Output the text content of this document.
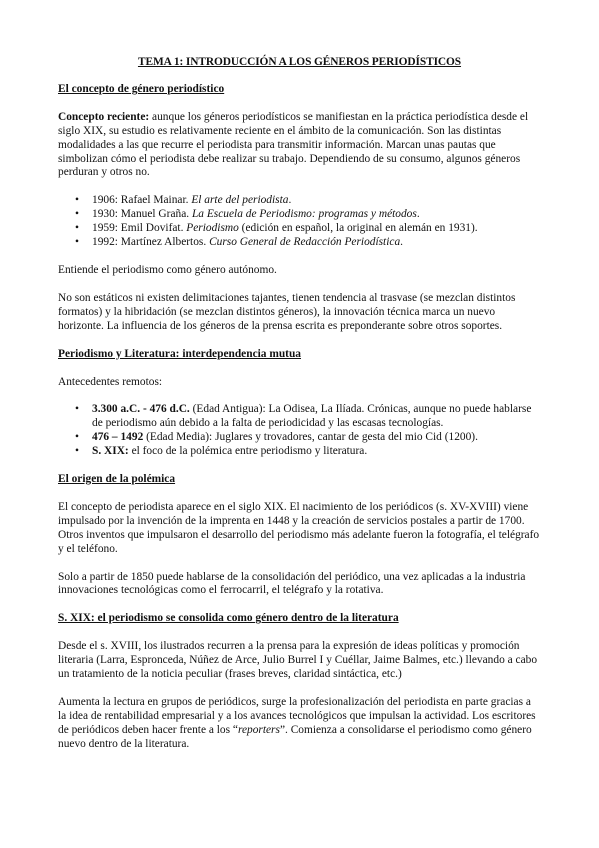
TEMA 1: INTRODUCCIÓN A LOS GÉNEROS PERIODÍSTICOS
El concepto de género periodístico

Concepto reciente: aunque los géneros periodísticos se manifiestan en la práctica periodística desde el siglo XIX, su estudio es relativamente reciente en el ámbito de la comunicación. Son las distintas modalidades a las que recurre el periodista para transmitir información. Marcan unas pautas que simbolizan cómo el periodista debe realizar su trabajo. Dependiendo de su consumo, algunos géneros perduran y otros no.

• 1906: Rafael Mainar. El arte del periodista.
• 1930: Manuel Graña. La Escuela de Periodismo: programas y métodos.
• 1959: Emil Dovifat. Periodismo (edición en español, la original en alemán en 1931).
• 1992: Martínez Albertos. Curso General de Redacción Periodística.

Entiende el periodismo como género autónomo.

No son estáticos ni existen delimitaciones tajantes, tienen tendencia al trasvase (se mezclan distintos formatos) y la hibridación (se mezclan distintos géneros), la innovación técnica marca un nuevo horizonte. La influencia de los géneros de la prensa escrita es preponderante sobre otros soportes.

Periodismo y Literatura: interdependencia mutua

Antecedentes remotos:

• 3.300 a.C. - 476 d.C. (Edad Antigua): La Odisea, La Ilíada. Crónicas, aunque no puede hablarse de periodismo aún debido a la falta de periodicidad y las escasas tecnologías.
• 476 – 1492 (Edad Media): Juglares y trovadores, cantar de gesta del mio Cid (1200).
• S. XIX: el foco de la polémica entre periodismo y literatura.
El origen de la polémica

El concepto de periodista aparece en el siglo XIX. El nacimiento de los periódicos (s. XV-XVIII) viene impulsado por la invención de la imprenta en 1448 y la creación de servicios postales a partir de 1700. Otros inventos que impulsaron el desarrollo del periodismo más adelante fueron la fotografía, el telégrafo y el teléfono.

Solo a partir de 1850 puede hablarse de la consolidación del periódico, una vez aplicadas a la industria innovaciones tecnológicas como el ferrocarril, el telégrafo y la rotativa.

S. XIX: el periodismo se consolida como género dentro de la literatura

Desde el s. XVIII, los ilustrados recurren a la prensa para la expresión de ideas políticas y promoción literaria (Larra, Espronceda, Núñez de Arce, Julio Burrel I y Cuéllar, Jaime Balmes, etc.) llevando a cabo un tratamiento de la noticia peculiar (frases breves, claridad sintáctica, etc.)

Aumenta la lectura en grupos de periódicos, surge la profesionalización del periodista en parte gracias a la idea de rentabilidad empresarial y a los avances tecnológicos que impulsan la actividad. Los escritores de periódicos deben hacer frente a los “reporters”. Comienza a consolidarse el periodismo como género nuevo dentro de la literatura.
